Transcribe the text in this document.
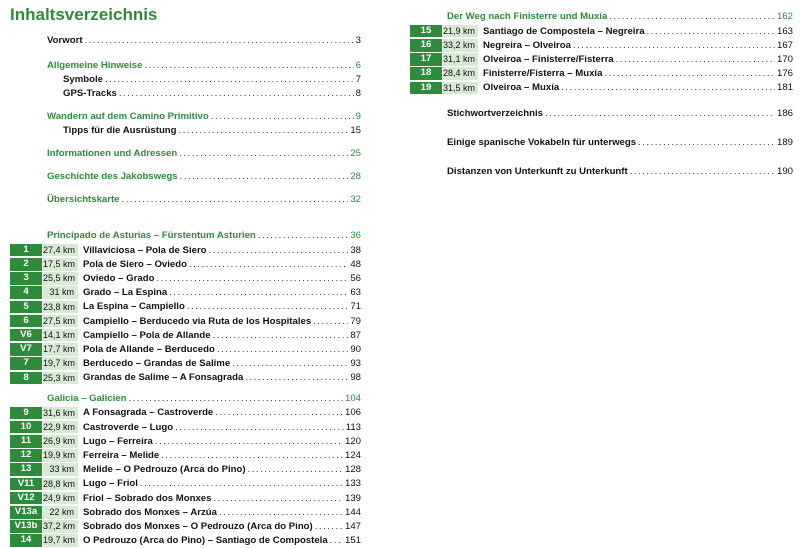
Inhaltsverzeichnis
Vorwort .....	3
Allgemeine Hinweise .....	6
Symbole .....	7
GPS-Tracks .....	8
Wandern auf dem Camino Primitivo .....	9
Tipps für die Ausrüstung .....	15
Informationen und Adressen .....	25
Geschichte des Jakobswegs .....	28
Übersichtskarte .....	32
Principado de Asturias – Fürstentum Asturien .....	36
1	27,4 km Villaviciosa – Pola de Siero .....	38
2	17,5 km Pola de Siero – Oviedo .....	48
3	25,5 km Oviedo – Grado .....	56
4	31 km Grado – La Espina .....	63
5	23,8 km La Espina – Campiello .....	71
6	27,5 km Campiello – Berducedo via Ruta de los Hospitales .....	79
V6	14,1 km Campiello – Pola de Allande .....	87
V7	17,7 km Pola de Allande – Berducedo .....	90
7	19,7 km Berducedo – Grandas de Salime .....	93
8	25,3 km Grandas de Salime – A Fonsagrada .....	98
Galicia – Galicien .....	104
9	31,6 km A Fonsagrada – Castroverde .....	106
10	22,9 km Castroverde – Lugo .....	113
11	26,9 km Lugo – Ferreira .....	120
12	19,9 km Ferreira – Melide .....	124
13	33 km Melide – O Pedrouzo (Arca do Pino) .....	128
V11 28,8 km Lugo – Friol .....	133
V12 24,9 km Friol – Sobrado dos Monxes .....	139
V13a	22 km Sobrado dos Monxes – Arzúa .....	144
V13b 37,2 km Sobrado dos Monxes – O Pedrouzo (Arca do Pino) .....	147
14	19,7 km O Pedrouzo (Arca do Pino) – Santiago de Compostela ..... 151
Der Weg nach Finisterre und Muxía .....	162
15	21,9 km Santiago de Compostela – Negreira .....	163
16	33,2 km Negreira – Olveiroa .....	167
17	31,1 km Olveiroa – Finisterre/Fisterra .....	170
18	28,4 km Finisterre/Fisterra – Muxía .....	176
19	31,5 km Olveiroa – Muxía .....	181
Stichwortverzeichnis .....	186
Einige spanische Vokabeln für unterwegs .....	189
Distanzen von Unterkunft zu Unterkunft .....	190
